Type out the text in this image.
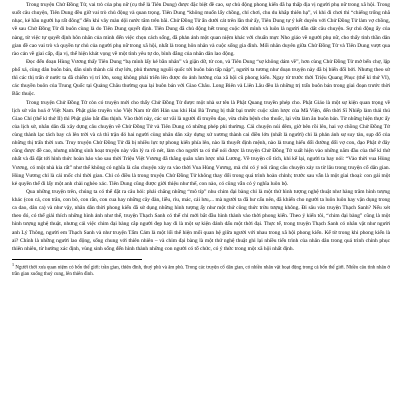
Trong truyện Chử Đồng Tử, vai trò của phụ nữ (cụ thể là Tiên Dung) được đặc biệt đề cao, sự chủ động phong kiến đã hạ thấp địa vị người phụ nữ trong xã hội. Trong suốt câu chuyện, Tiên Dung đều giữ vai trò chủ động và quan trọng. Tiên Dung “không muốn lấy chồng, chỉ chơi, chu du khắp thiên hạ”, vì khi đi chơi thì “chiếng trống nhã nhạc, kẻ hầu người hạ rất đông” đến khi vây màn dội nước tắm trên bãi. Chử Đồng Tử ẩn dưới cát trên lần thứ ấy, Tiên Dung tự ý kết duyên với Chử Đồng Tử làm vợ chồng, về sau Chử Đồng Tử đi buôn cùng là do Tiên Dung quyết định. Tiên Dung đã chủ động hết trong cuộc đời mình và luôn là người dẫn dắt câu chuyện. Sự chủ động ấy của nàng, từ việc tự quyết định hôn nhân của mình đến việc chọn cách sống, đã phản ánh một quan niệm khác với chuẩn mực Nho giáo về người phụ nữ, cho thấy tinh thần dân gian đề cao vai trò và quyền tự chủ của người phụ nữ trong xã hội, nhất là trong hôn nhân và cuộc sống gia đình. Mối nhân duyên giữa Chử Đồng Tử và Tiên Dung vượt qua rào cản về giai cấp, địa vị, thể hiện khát vọng về một tình yêu tự do, bình đẳng của nhân dân lao động.

Đọc đến đoạn Hùng Vương thấy Tiên Dung “bạ mình lấy kẻ bần nhân” và giận dữ, từ con, và Tiên Dung “sợ không dám về”, hơn cùng Chử Đồng Tử mở bến chợ, lập phố xá, cùng dân buôn bán, dân sinh thành cái chợ lớn, phủ thương nguồi quốc tới buôn bán tấp nập”, người ta tương như đoạn truyện này đã bị biến đổi bởi. Nhưng theo sử thì các thị trấn ở nước ta đã chiếm vị trí lớn, song không phải triển lên được do ảnh hưởng của xã hội cũ phong kiến. Ngay từ trước thời Triệu Quang Phục (thế kỉ thứ VI), các thuyền buôn của Trung Quốc tại Quảng Châu thường qua lại buôn bán với Giao Châu. Long Biên và Liên Lâu đều là những trị trấn buôn bán trong giai đoạn trước thời Bắc thuộc.

Trong truyện Chử Đồng Tử còn có truyện mới cho thấy Chử Đồng Tử được một nhà sư tên là Phật Quang truyền phép cho. Phật Giáo là một sự kiện quan trọng về lịch sử văn hoá ở Việt Nam. Phật giáo truyền vào Việt Nam từ đời Hán sau khi Hai Bà Trưng bị thất bại trước cuộc xâm lược của Mã Viện, đến thời Sĩ Nhiếp làm thái thú Giao Chỉ (thế kỉ thứ II) thì Phật giáo bắt đầu thịnh. Vào thời này, các sư vãi là người đi truyền đạo, vừa chữa bệnh cho thuốc, lại vừa làm ăn buôn bán. Từ những hiện thực ấy của lịch sử, nhân dân đã xây dựng câu chuyện về Chử Đồng Tử và Tiên Dung có những phép phi thường. Cái chuyện núi đêm, giờ bên rồi lên, hai vợ chồng Chử Đồng Tử cùng thành lạc tách bay cả lên trời và cả thì trận đó hai người cùng nhân dân xây dựng xứ xương thành cai điền lớn (nhất là người) chi là phản ánh sự suy tàn, sụp đổ của những thị trấn thời xưa. Truy truyện Chử Đồng Tử đã bị nhiều lực tự phong kiến phía lên, nào là thuyết định mệnh, nào là trung hiếu đối đường đối vợ con, đạo Phật ở đây cũng được đề cao, nhưng những sinh hoạt truyện này vẫn lý ra rõ nét, làm cho người ta có thể nói được là truyện Chử Đồng Tử xuất hiện vào những năm đầu của thế kỉ thứ nhất và đã đặt tới hình thức hoàn hảo vào sau thời Triệu Việt Vương đã thắng quân xâm lược nhà Lương. Về truyện cổ tích, khi kể lại, người ta hay nói: “Vào thời vua Hùng Vương, có một nhà kia rất” như thế không có nghĩa là câu chuyện xảy ra vào thời Vua Hùng Vương, mà chỉ có ý nói rằng câu chuyện xảy ra từ lâu trong truyện cổ dân gian. Hùng Vương chỉ là cái mốc chỉ thời gian. Chỉ có điều là trong truyện Chử Đồng Tử không thay đổi trong quá trình hoàn chỉnh; trước sau vẫn là một giai thoại: con gái một kẻ quyền thế đi lấy một anh chài nghèo xác. Tiên Dung cũng được giới thiệu như thế, con nào, có cũng vẫn có ý nghĩa luôn bộ.

Qua những truyện trên, chúng ta có thể đặt ra câu hỏi: phải chăng những “mô típ” nhu chim đại bàng chỉ là một thứ hình tượng nghệ thuật như hàng trăm hình tượng khác (con cá, con trăn, con bò, con rắn, con cua hay những cây đàn, liễu, rìu, mác, cái lưu,... mà người ta đã hư cấu nên, đã khiến cho người ta luôn luôn hay vận dụng trong ca dao, dân ca) và như vậy, nhân dân thời phong kiến đã sử dụng những hình tượng ấy như một thứ công thức trừu tượng không. Đi sâu vào truyện Thạch Sanh? Nếu xét theo đó, có thể giải thích những hình ảnh như thế, truyện Thạch Sanh có thể chỉ mới bắt đầu hình thành vào thời phong kiến. Theo ý kiến tôi, “chim đại bàng” cũng là một hình tượng nghệ thuật, nhưng cái việc chim đại bàng cắp người đẹp hay đi là một sự kiện đánh dấu một thời đại. Thực tế, trong truyện Thạch Sanh có nhân vật như người anh Lý Thông, người em Thạch Sanh và như truyện Tấm Cám là một lối thể hiện mối quan hệ giữa người với nhau trong xã hội phong kiến. Kể từ trong khi phong kiến là ai? Chính là những người lao động, sống chung với thiên nhiên – và chim đại bàng là một thứ nghệ thuật ghi lại nhiều tiến trình của nhân dân trong quá trình chinh phục thiên nhiên, từ hướng xác định, vùng sinh sống đến hình thành những con người có tổ chức, có ý thức trong một xã hội nhất định.

$^1$ Người thời xưa quan niệm có bốn thế giới: trần gian, thiên đình, thuỷ phủ và âm phủ. Trong các truyện cổ dân gian, có nhiều nhân vật hoạt động trong cả bốn thế giới. Nhiều câu tình nhân ở trần gian xuống thuỷ cung, lên thiên đình.
